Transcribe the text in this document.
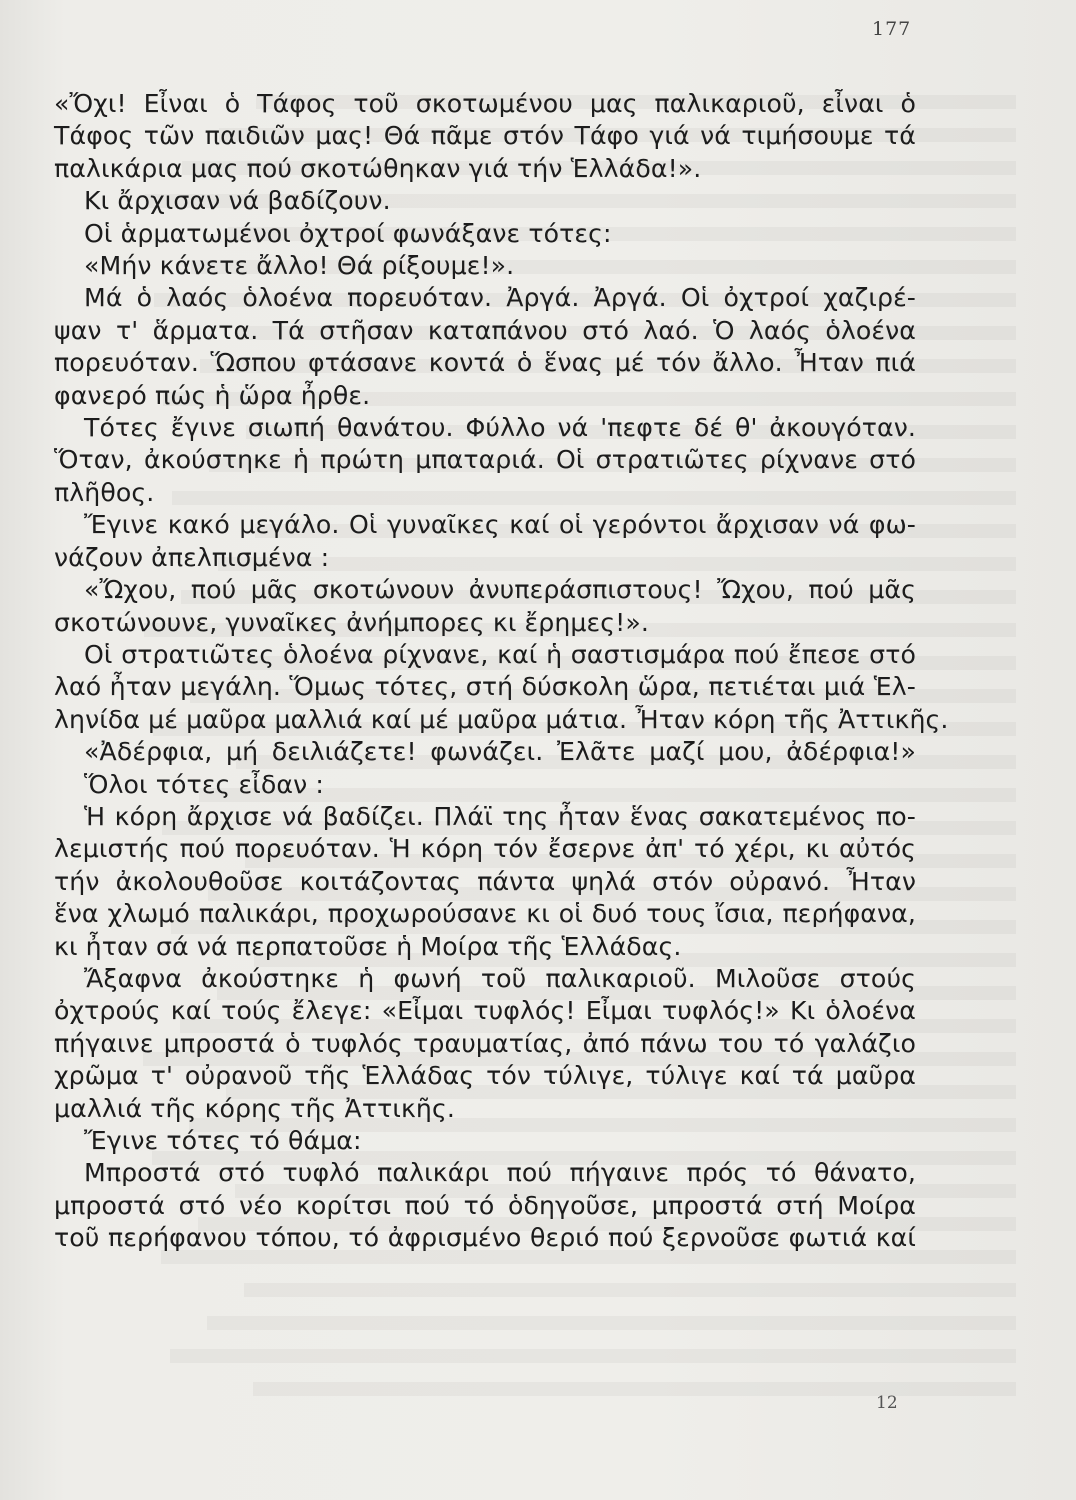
177
«Ὄχι! Εἶναι ὁ Τάφος τοῦ σκοτωμένου μας παλικαριοῦ, εἶναι ὁ
Τάφος τῶν παιδιῶν μας! Θά πᾶμε στόν Τάφο γιά νά τιμήσουμε τά
παλικάρια μας πού σκοτώθηκαν γιά τήν Ἑλλάδα!».
Κι ἄρχισαν νά βαδίζουν.
Οἱ ἁρματωμένοι ὀχτροί φωνάξανε τότες:
«Μήν κάνετε ἄλλο! Θά ρίξουμε!».
Μά ὁ λαός ὁλοένα πορευόταν. Ἀργά. Ἀργά. Οἱ ὀχτροί χαζιρέ-
ψαν τ' ἅρματα. Τά στῆσαν καταπάνου στό λαό. Ὁ λαός ὁλοένα
πορευόταν. Ὥσπου φτάσανε κοντά ὁ ἕνας μέ τόν ἄλλο. Ἦταν πιά
φανερό πώς ἡ ὥρα ἦρθε.
Τότες ἔγινε σιωπή θανάτου. Φύλλο νά 'πεφτε δέ θ' ἀκουγόταν.
Ὅταν, ἀκούστηκε ἡ πρώτη μπαταριά. Οἱ στρατιῶτες ρίχνανε στό
πλῆθος.
Ἔγινε κακό μεγάλο. Οἱ γυναῖκες καί οἱ γερόντοι ἄρχισαν νά φω-
νάζουν ἀπελπισμένα :
«Ὤχου, πού μᾶς σκοτώνουν ἀνυπεράσπιστους! Ὤχου, πού μᾶς
σκοτώνουνε, γυναῖκες ἀνήμπορες κι ἔρημες!».
Οἱ στρατιῶτες ὁλοένα ρίχνανε, καί ἡ σαστισμάρα πού ἔπεσε στό
λαό ἦταν μεγάλη. Ὅμως τότες, στή δύσκολη ὥρα, πετιέται μιά Ἑλ-
ληνίδα μέ μαῦρα μαλλιά καί μέ μαῦρα μάτια. Ἦταν κόρη τῆς Ἀττικῆς.
«Ἀδέρφια, μή δειλιάζετε! φωνάζει. Ἐλᾶτε μαζί μου, ἀδέρφια!»
Ὅλοι τότες εἶδαν :
Ἡ κόρη ἄρχισε νά βαδίζει. Πλάϊ της ἦταν ἕνας σακατεμένος πο-
λεμιστής πού πορευόταν. Ἡ κόρη τόν ἔσερνε ἀπ' τό χέρι, κι αὐτός
τήν ἀκολουθοῦσε κοιτάζοντας πάντα ψηλά στόν οὐρανό. Ἦταν
ἕνα χλωμό παλικάρι, προχωρούσανε κι οἱ δυό τους ἴσια, περήφανα,
κι ἦταν σά νά περπατοῦσε ἡ Μοίρα τῆς Ἑλλάδας.
Ἄξαφνα ἀκούστηκε ἡ φωνή τοῦ παλικαριοῦ. Μιλοῦσε στούς
ὀχτρούς καί τούς ἔλεγε: «Εἶμαι τυφλός! Εἶμαι τυφλός!» Κι ὁλοένα
πήγαινε μπροστά ὁ τυφλός τραυματίας, ἀπό πάνω του τό γαλάζιο
χρῶμα τ' οὐρανοῦ τῆς Ἑλλάδας τόν τύλιγε, τύλιγε καί τά μαῦρα
μαλλιά τῆς κόρης τῆς Ἀττικῆς.
Ἔγινε τότες τό θάμα:
Μπροστά στό τυφλό παλικάρι πού πήγαινε πρός τό θάνατο,
μπροστά στό νέο κορίτσι πού τό ὁδηγοῦσε, μπροστά στή Μοίρα
τοῦ περήφανου τόπου, τό ἀφρισμένο θεριό πού ξερνοῦσε φωτιά καί
12
